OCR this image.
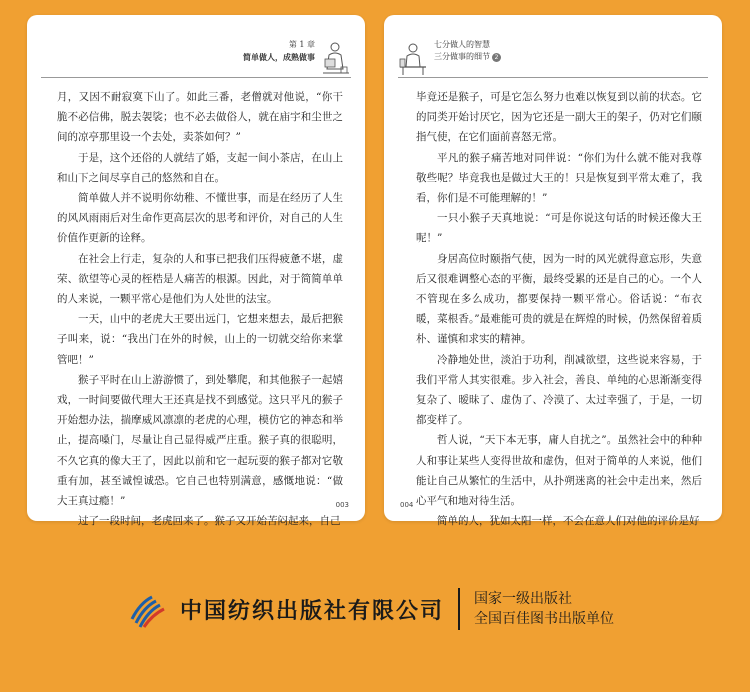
第 1 章
简单做人，成熟做事

月，又因不耐寂寞下山了。如此三番，老僧就对他说，“你干脆不必信佛，脱去袈裟；也不必去做俗人，就在庙宇和尘世之间的凉亭那里设一个去处，卖茶如何？”

于是，这个还俗的人就结了婚，支起一间小茶店，在山上和山下之间尽享自己的悠然和自在。

简单做人并不说明你幼稚、不懂世事，而是在经历了人生的风风雨雨后对生命作更高层次的思考和评价，对自己的人生价值作更新的诠释。

在社会上行走，复杂的人和事已把我们压得疲惫不堪，虚荣、欲望等心灵的桎梏是人痛苦的根源。因此，对于简简单单的人来说，一颗平常心是他们为人处世的法宝。

一天，山中的老虎大王要出远门，它想来想去，最后把猴子叫来，说：“我出门在外的时候，山上的一切就交给你来掌管吧！”

猴子平时在山上游游惯了，到处攀爬，和其他猴子一起嬉戏，一时间要做代理大王还真是找不到感觉。这只平凡的猴子开始想办法，揣摩威风凛凛的老虎的心理，模仿它的神态和举止，提高嗓门，尽量让自己显得威严庄重。猴子真的很聪明，不久它真的像大王了，因此以前和它一起玩耍的猴子都对它敬重有加，甚至诚惶诚恐。它自己也特别满意，感慨地说：“做大王真过瘾！”

过了一段时间，老虎回来了。猴子又开始苦闷起来，自己

003
七分做人的智慧
三分做事的细节 2

毕竟还是猴子，可是它怎么努力也难以恢复到以前的状态。它的同类开始讨厌它，因为它还是一副大王的架子，仍对它们颐指气使，在它们面前喜怒无常。

平凡的猴子痛苦地对同伴说：“你们为什么就不能对我尊敬些呢？毕竟我也是做过大王的！只是恢复到平常太难了，我看，你们是不可能理解的！”

一只小猴子天真地说：“可是你说这句话的时候还像大王呢！”

身居高位时颐指气使，因为一时的风光就得意忘形，失意后又很难调整心态的平衡，最终受累的还是自己的心。一个人不管现在多么成功，都要保持一颗平常心。俗话说：“布衣暖，菜根香。”最难能可贵的就是在辉煌的时候，仍然保留着质朴、谨慎和求实的精神。

冷静地处世，淡泊于功利，削减欲望，这些说来容易，于我们平常人其实很难。步入社会，善良、单纯的心思渐渐变得复杂了、暧昧了、虚伪了、冷漠了、太过幸强了，于是，一切都变样了。

哲人说，“天下本无事，庸人自扰之”。虽然社会中的种种人和事让某些人变得世故和虚伪，但对于简单的人来说，他们能让自己从繁忙的生活中，从扑朔迷离的社会中走出来，然后心平气和地对待生活。

简单的人，犹如太阳一样，不会在意人们对他的评价是好

004
中国纺织出版社有限公司 国家一级出版社
全国百佳图书出版单位
